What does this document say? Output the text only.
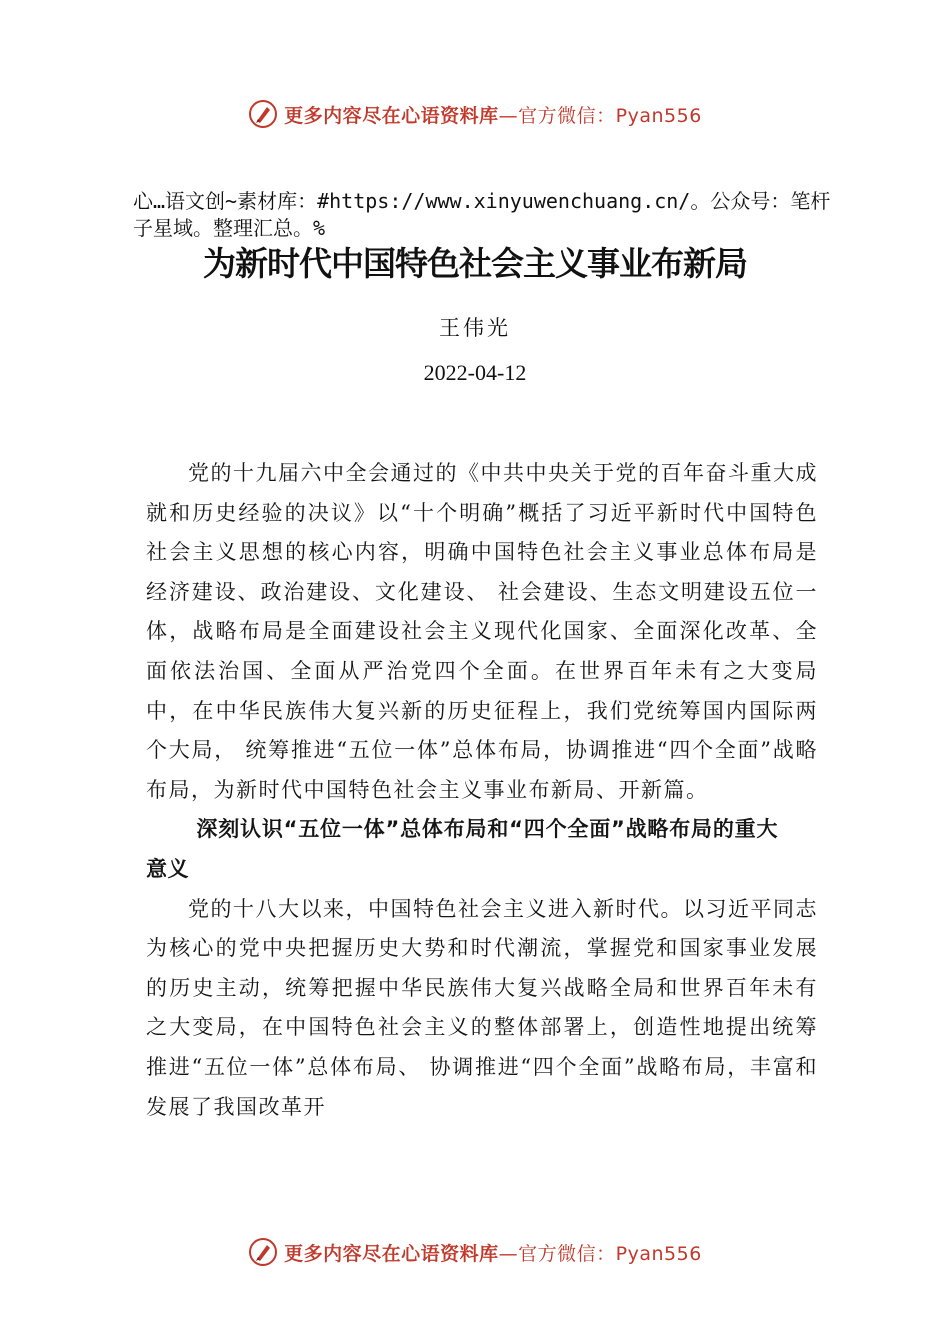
更多内容尽在心语资料库—官方微信：Pyan556
心…语文创~素材库：#https://www.xinyuwenchuang.cn/。公众号：笔杆子星域。整理汇总。%
为新时代中国特色社会主义事业布新局
王伟光
2022-04-12

党的十九届六中全会通过的《中共中央关于党的百年奋斗重大成就和历史经验的决议》以“十个明确”概括了习近平新时代中国特色社会主义思想的核心内容，明确中国特色社会主义事业总体布局是经济建设、政治建设、文化建设、 社会建设、生态文明建设五位一体，战略布局是全面建设社会主义现代化国家、全面深化改革、全面依法治国、全面从严治党四个全面。在世界百年未有之大变局中，在中华民族伟大复兴新的历史征程上，我们党统筹国内国际两个大局， 统筹推进“五位一体”总体布局，协调推进“四个全面”战略布局，为新时代中国特色社会主义事业布新局、开新篇。

深刻认识“五位一体”总体布局和“四个全面”战略布局的重大意义

党的十八大以来，中国特色社会主义进入新时代。以习近平同志为核心的党中央把握历史大势和时代潮流，掌握党和国家事业发展的历史主动，统筹把握中华民族伟大复兴战略全局和世界百年未有之大变局，在中国特色社会主义的整体部署上，创造性地提出统筹推进“五位一体”总体布局、 协调推进“四个全面”战略布局，丰富和发展了我国改革开

更多内容尽在心语资料库—官方微信：Pyan556
